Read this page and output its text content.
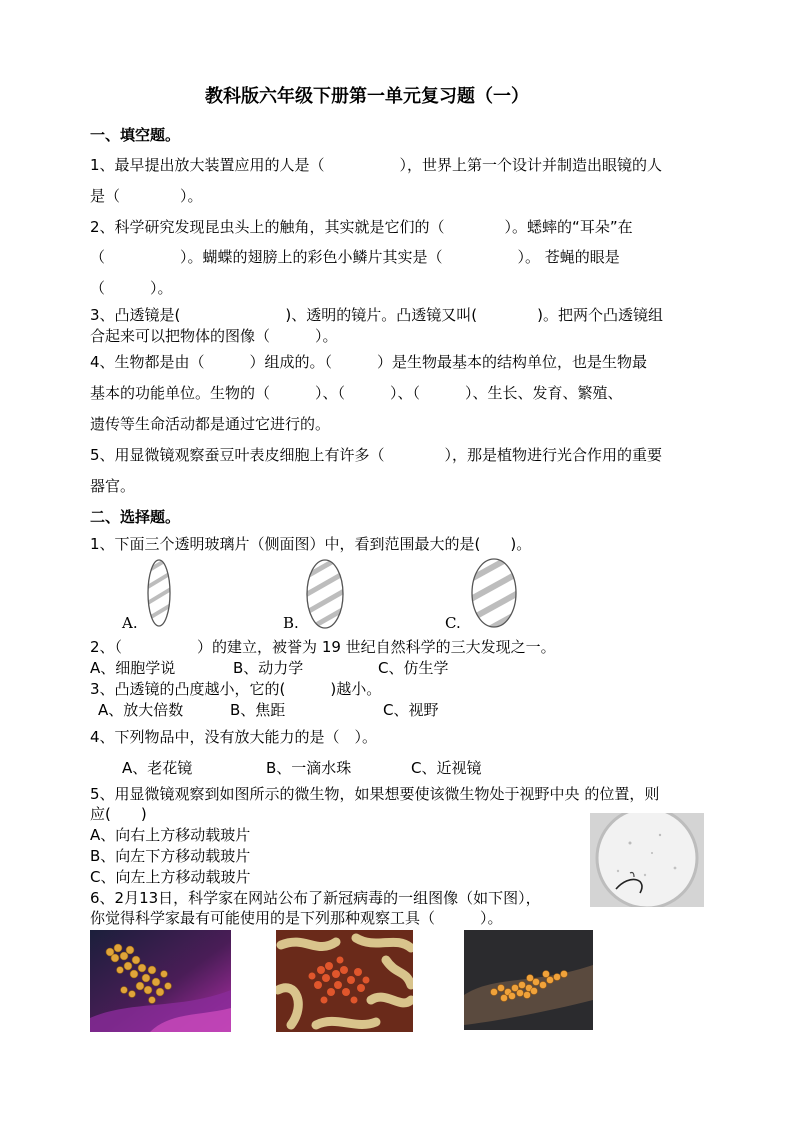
教科版六年级下册第一单元复习题（一）
一、填空题。
1、最早提出放大装置应用的人是（　　　　　），世界上第一个设计并制造出眼镜的人
是（　　　　）。
2、科学研究发现昆虫头上的触角，其实就是它们的（　　　　）。蟋蟀的“耳朵”在
（　　　　　）。蝴蝶的翅膀上的彩色小鳞片其实是（　　　　　）。 苍蝇的眼是
（　　　）。
3、凸透镜是(　　　　　　　)、透明的镜片。凸透镜又叫(　　　　)。把两个凸透镜组
合起来可以把物体的图像（　　　）。
4、生物都是由（　　　）组成的。（　　　）是生物最基本的结构单位，也是生物最
基本的功能单位。生物的（　　　）、（　　　）、（　　　）、生长、发育、繁殖、
遗传等生命活动都是通过它进行的。
5、用显微镜观察蚕豆叶表皮细胞上有许多（　　　　），那是植物进行光合作用的重要
器官。
二、选择题。
1、下面三个透明玻璃片（侧面图）中，看到范围最大的是(　　)。
A.	B.	C.
2、（　　　　　）的建立，被誉为 19 世纪自然科学的三大发现之一。
A、细胞学说	B、动力学	C、仿生学
3、凸透镜的凸度越小，它的(　　　)越小。
A、放大倍数	B、焦距	C、视野
4、下列物品中，没有放大能力的是（　）。
A、老花镜	B、一滴水珠	C、近视镜
5、用显微镜观察到如图所示的微生物，如果想要使该微生物处于视野中央 的位置，则
应(　　)
A、向右上方移动载玻片
B、向左下方移动载玻片
C、向左上方移动载玻片
6、2月13日，科学家在网站公布了新冠病毒的一组图像（如下图），
你觉得科学家最有可能使用的是下列那种观察工具（　　　）。
